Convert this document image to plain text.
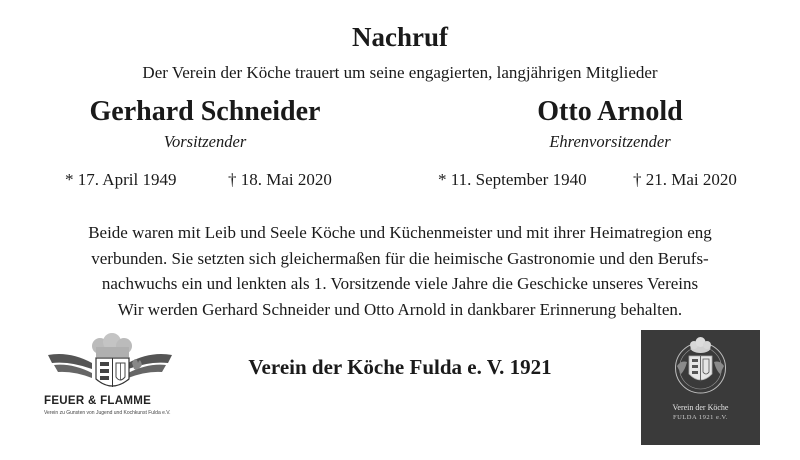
Nachruf
Der Verein der Köche trauert um seine engagierten, langjährigen Mitglieder
Gerhard Schneider
Vorsitzender
* 17. April 1949	† 18. Mai 2020
Otto Arnold
Ehrenvorsitzender
* 11. September 1940	† 21. Mai 2020
Beide waren mit Leib und Seele Köche und Küchenmeister und mit ihrer Heimatregion eng
verbunden. Sie setzten sich gleichermaßen für die heimische Gastronomie und den Berufs-
nachwuchs ein und lenkten als 1. Vorsitzende viele Jahre die Geschicke unseres Vereins
Wir werden Gerhard Schneider und Otto Arnold in dankbarer Erinnerung behalten.
Verein der Köche Fulda e. V. 1921
FEUER & FLAMME
Verein zu Gunsten von Jugend und Kochkunst Fulda e.V.
Verein der Köche
FULDA 1921 e.V.
